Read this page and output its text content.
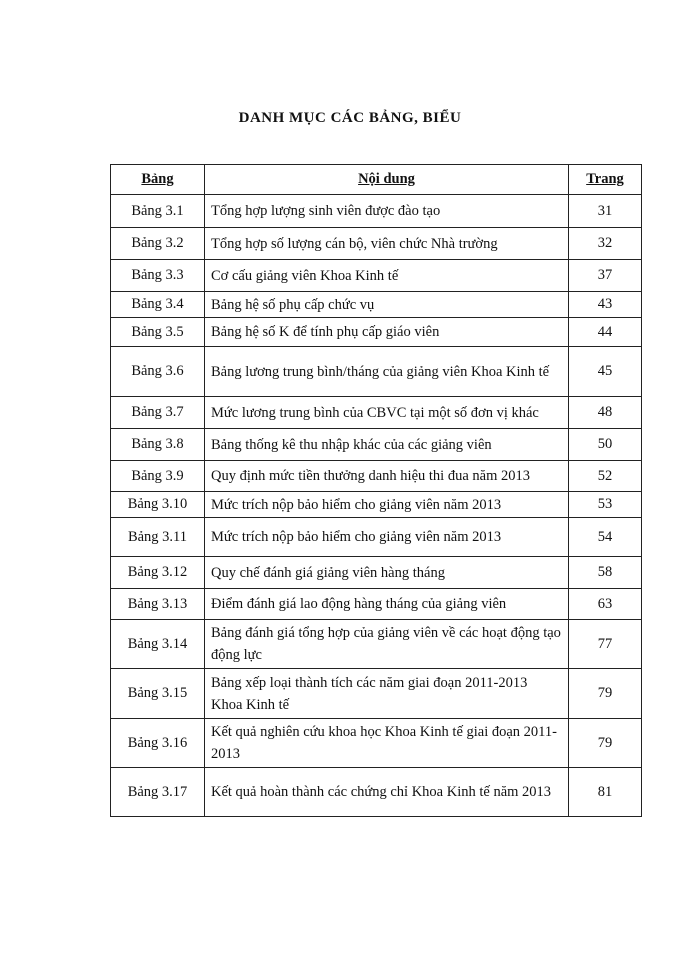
DANH MỤC CÁC BẢNG, BIỂU
Bảng	Nội dung	Trang
Bảng 3.1	Tổng hợp lượng sinh viên được đào tạo	31
Bảng 3.2	Tổng hợp số lượng cán bộ, viên chức Nhà trường	32
Bảng 3.3	Cơ cấu giảng viên Khoa Kinh tế	37
Bảng 3.4	Bảng hệ số phụ cấp chức vụ	43
Bảng 3.5	Bảng hệ số K để tính phụ cấp giáo viên	44
Bảng 3.6	Bảng lương trung bình/tháng của giảng viên Khoa Kinh tế	45
Bảng 3.7	Mức lương trung bình của CBVC tại một số đơn vị khác	48
Bảng 3.8	Bảng thống kê thu nhập khác của các giảng viên	50
Bảng 3.9	Quy định mức tiền thưởng danh hiệu thi đua năm 2013	52
Bảng 3.10	Mức trích nộp bảo hiểm cho giảng viên năm 2013	53
Bảng 3.11	Mức trích nộp bảo hiểm cho giảng viên năm 2013	54
Bảng 3.12	Quy chế đánh giá giảng viên hàng tháng	58
Bảng 3.13	Điểm đánh giá lao động hàng tháng của giảng viên	63
Bảng 3.14	Bảng đánh giá tổng hợp của giảng viên về các hoạt động tạo động lực	77
Bảng 3.15	Bảng xếp loại thành tích các năm giai đoạn 2011-2013 Khoa Kinh tế	79
Bảng 3.16	Kết quả nghiên cứu khoa học Khoa Kinh tế giai đoạn 2011-2013	79
Bảng 3.17	Kết quả hoàn thành các chứng chỉ Khoa Kinh tế năm 2013	81
